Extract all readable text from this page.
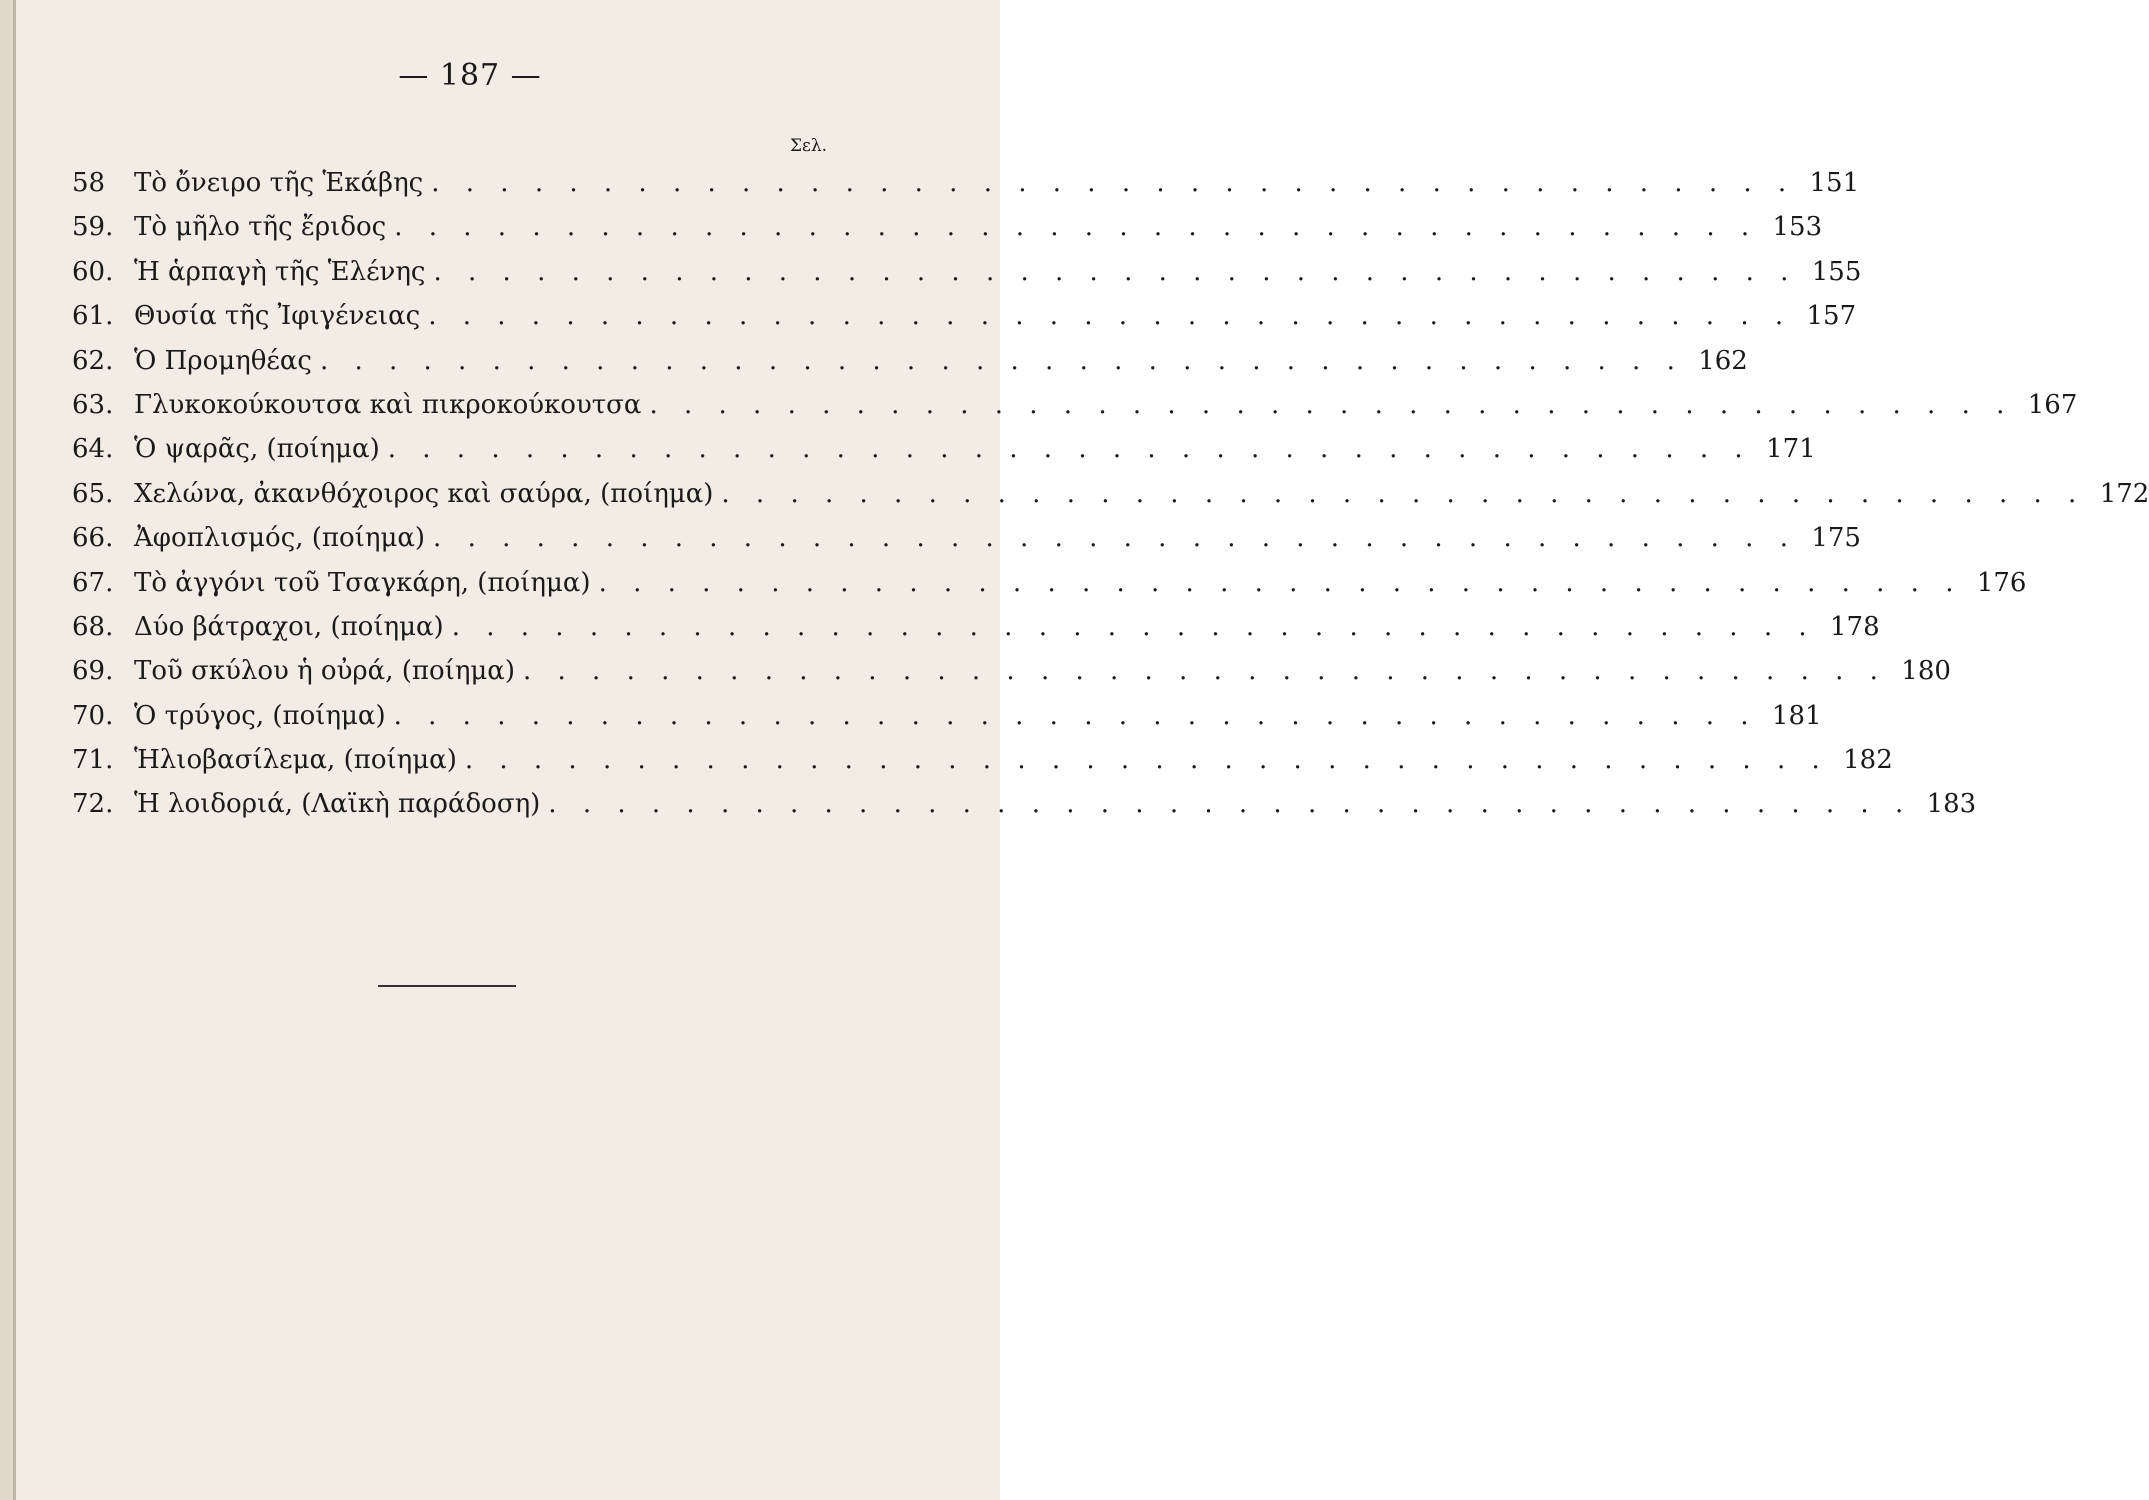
— 187 —
Σελ.
58	Τὸ ὄνειρο τῆς Ἑκάβης . . . . . . . . . . . . . . . . . . . . . . . . . . . . . . . . . . . . . . . . 151
59. Τὸ μῆλο τῆς ἔριδος . . . . . . . . . . . . . . . . . . . . . . . . . . . . . . . . . . . . . . . . 153
60. Ἡ ἁρπαγὴ τῆς Ἑλένης . . . . . . . . . . . . . . . . . . . . . . . . . . . . . . . . . . . . . . . . 155
61. Θυσία τῆς Ἰφιγένειας . . . . . . . . . . . . . . . . . . . . . . . . . . . . . . . . . . . . . . . . 157
62. Ὁ Προμηθέας . . . . . . . . . . . . . . . . . . . . . . . . . . . . . . . . . . . . . . . . 162
63. Γλυκοκούκουτσα καὶ πικροκούκουτσα . . . . . . . . . . . . . . . . . . . . . . . . . . . . . . . . . . . . . . . . 167
64. Ὁ ψαρᾶς, (ποίημα) . . . . . . . . . . . . . . . . . . . . . . . . . . . . . . . . . . . . . . . . 171
65. Χελώνα, ἀκανθόχοιρος καὶ σαύρα, (ποίημα) . . . . . . . . . . . . . . . . . . . . . . . . . . . . . . . . . . . . . . . . 172
66. Ἀφοπλισμός, (ποίημα) . . . . . . . . . . . . . . . . . . . . . . . . . . . . . . . . . . . . . . . . 175
67. Τὸ ἀγγόνι τοῦ Τσαγκάρη, (ποίημα) . . . . . . . . . . . . . . . . . . . . . . . . . . . . . . . . . . . . . . . . 176
68. Δύο βάτραχοι, (ποίημα) . . . . . . . . . . . . . . . . . . . . . . . . . . . . . . . . . . . . . . . . 178
69. Τοῦ σκύλου ἡ οὐρά, (ποίημα) . . . . . . . . . . . . . . . . . . . . . . . . . . . . . . . . . . . . . . . . 180
70. Ὁ τρύγος, (ποίημα) . . . . . . . . . . . . . . . . . . . . . . . . . . . . . . . . . . . . . . . . 181
71. Ἡλιοβασίλεμα, (ποίημα) . . . . . . . . . . . . . . . . . . . . . . . . . . . . . . . . . . . . . . . . 182
72. Ἡ λοιδοριά, (Λαϊκὴ παράδοση) . . . . . . . . . . . . . . . . . . . . . . . . . . . . . . . . . . . . . . . . 183
